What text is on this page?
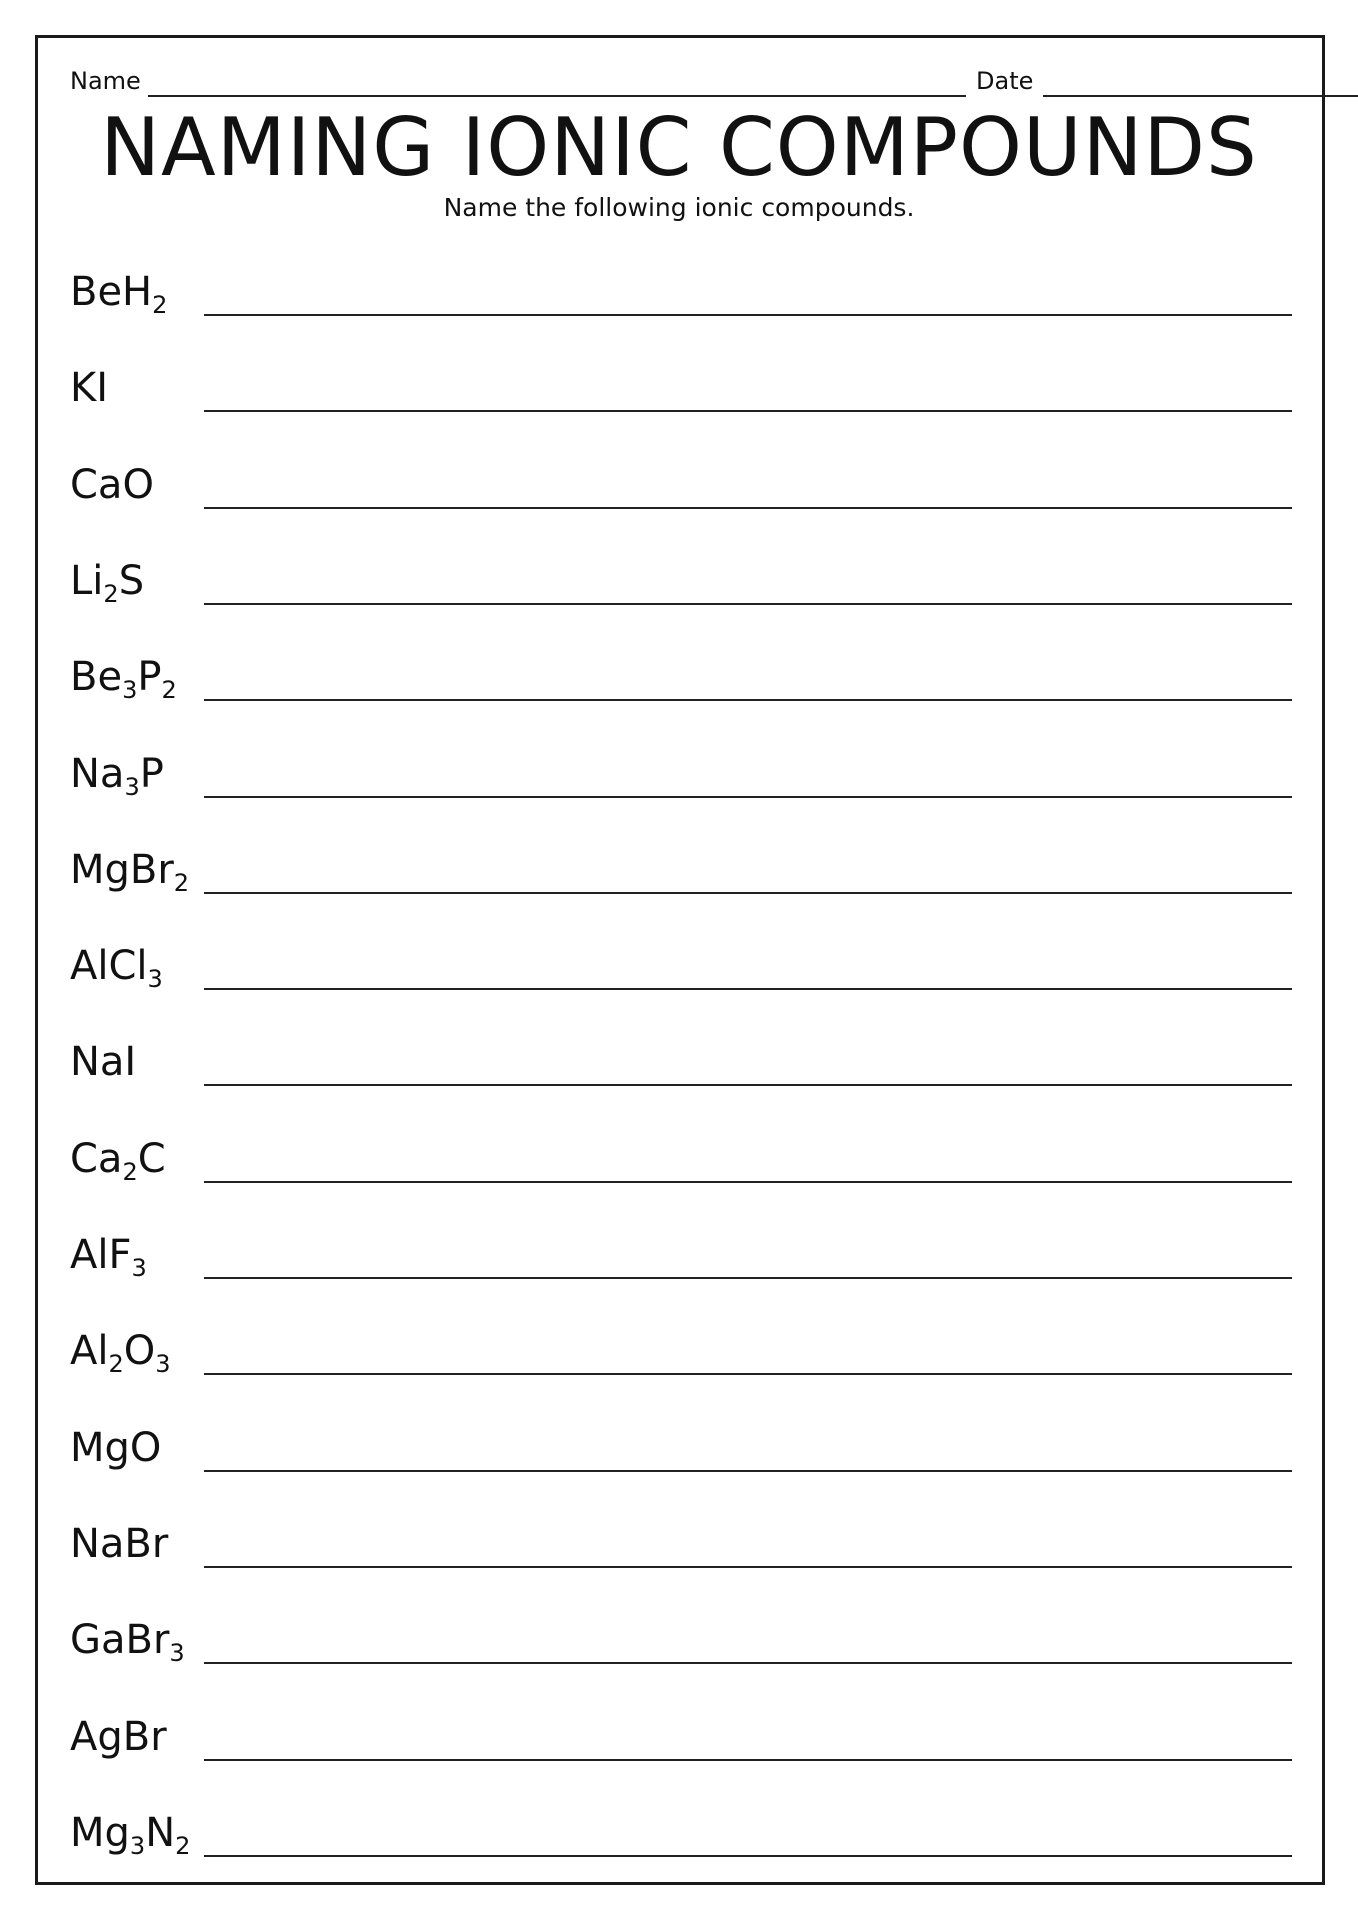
Name	Date
NAMING IONIC COMPOUNDS
Name the following ionic compounds.
BeH$_2$
KI
CaO
$Li_2S$
$Be_3P_2$
$Na_3P$
MgBr$_2$
AlCl$_3$
NaI
$Ca_2C$
AlF$_3$
$Al_2O_3$
MgO
NaBr
GaBr$_3$
AgBr
$Mg_3N_2$
